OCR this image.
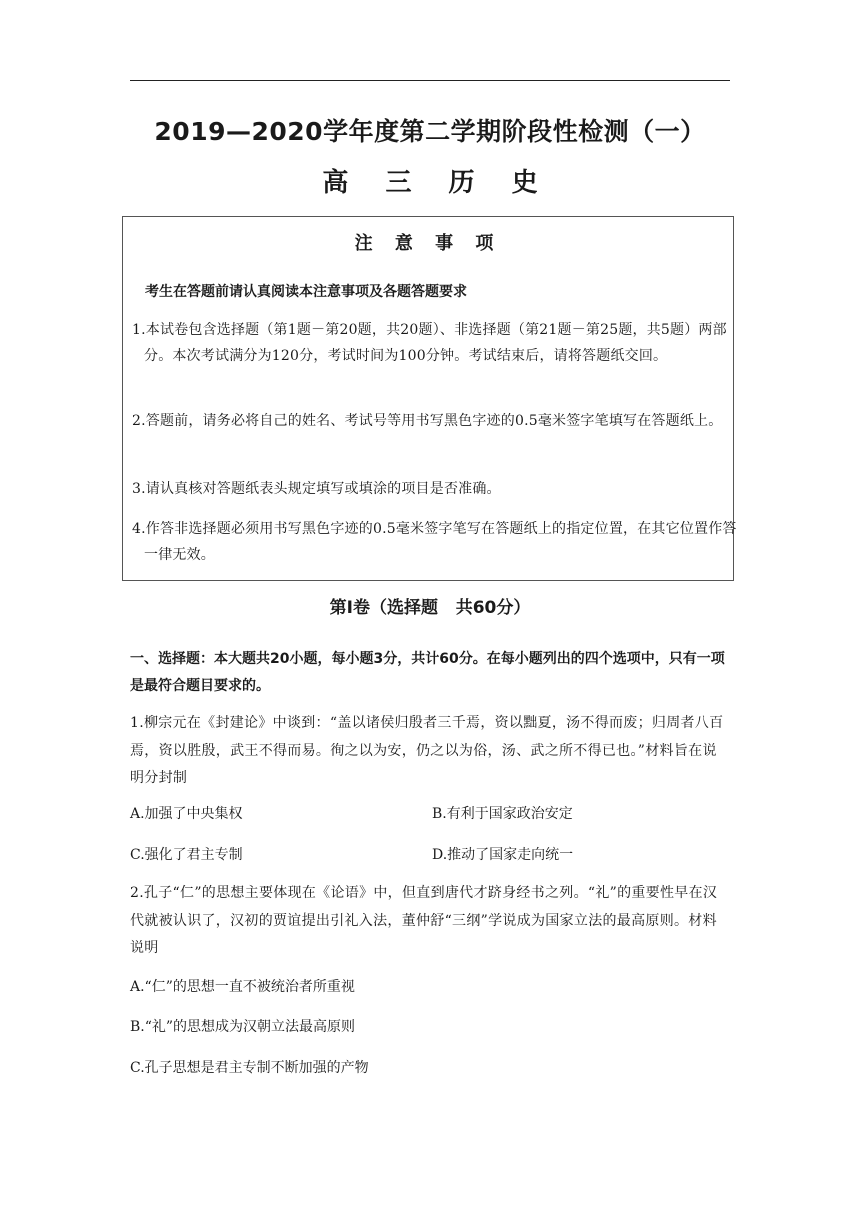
2019—2020学年度第二学期阶段性检测（一）
高 三 历 史
注 意 事 项
考生在答题前请认真阅读本注意事项及各题答题要求
1.本试卷包含选择题（第1题－第20题，共20题）、非选择题（第21题－第25题，共5题）两部分。本次考试满分为120分，考试时间为100分钟。考试结束后，请将答题纸交回。
2.答题前，请务必将自己的姓名、考试号等用书写黑色字迹的0.5毫米签字笔填写在答题纸上。
3.请认真核对答题纸表头规定填写或填涂的项目是否准确。
4.作答非选择题必须用书写黑色字迹的0.5毫米签字笔写在答题纸上的指定位置，在其它位置作答一律无效。
第Ⅰ卷（选择题   共60分）
一、选择题：本大题共20小题，每小题3分，共计60分。在每小题列出的四个选项中，只有一项是最符合题目要求的。
1.柳宗元在《封建论》中谈到：“盖以诸侯归殷者三千焉，资以黜夏，汤不得而废；归周者八百焉，资以胜殷，武王不得而易。徇之以为安，仍之以为俗，汤、武之所不得已也。”材料旨在说明分封制
A.加强了中央集权	B.有利于国家政治安定
C.强化了君主专制	D.推动了国家走向统一
2.孔子“仁”的思想主要体现在《论语》中，但直到唐代才跻身经书之列。“礼”的重要性早在汉代就被认识了，汉初的贾谊提出引礼入法，董仲舒“三纲”学说成为国家立法的最高原则。材料说明
A.“仁”的思想一直不被统治者所重视
B.“礼”的思想成为汉朝立法最高原则
C.孔子思想是君主专制不断加强的产物
